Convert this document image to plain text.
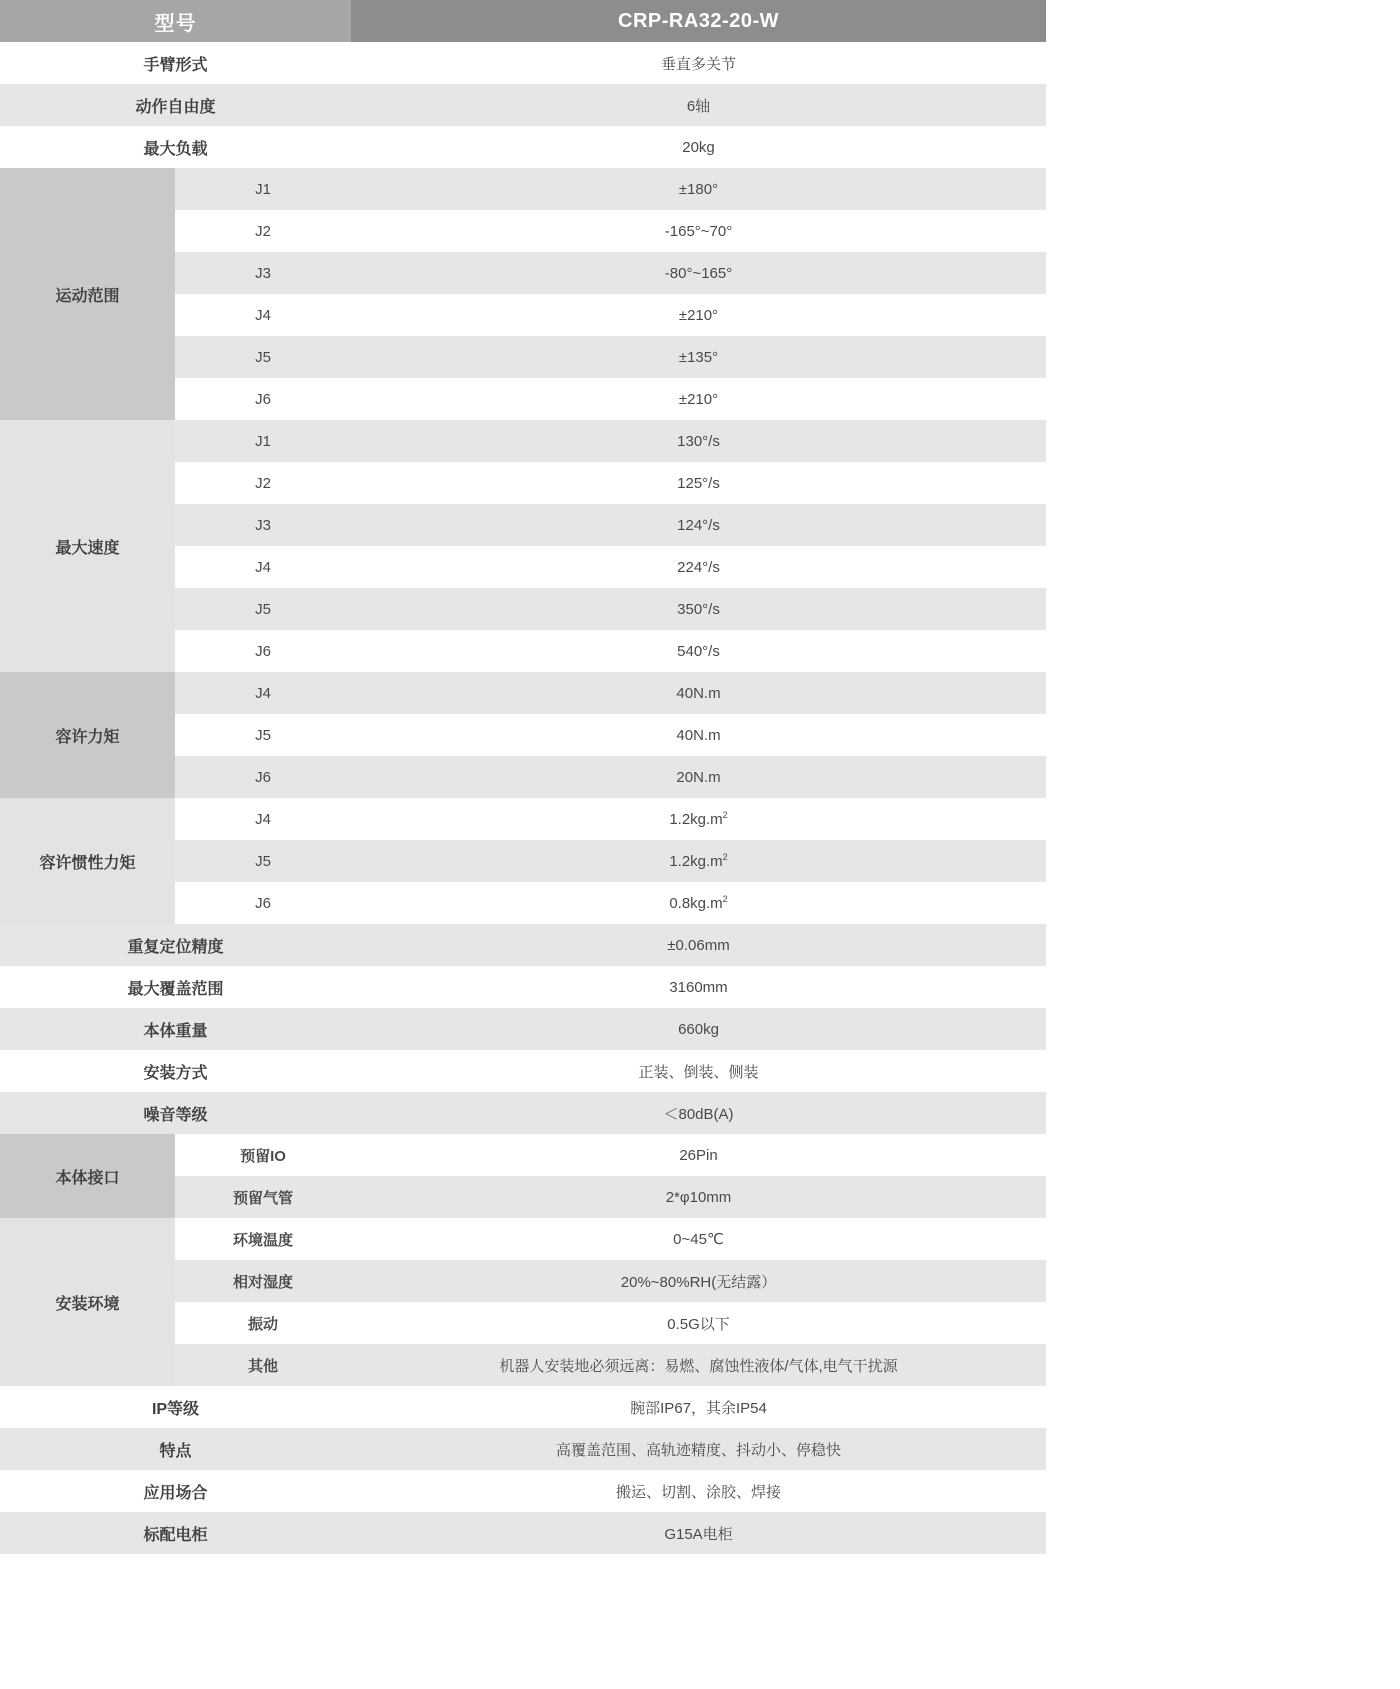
型号		CRP-RA32-20-W
手臂形式		垂直多关节
动作自由度		6轴
最大负载		20kg
运动范围	J1	±180°
	J2	-165°~70°
	J3	-80°~165°
	J4	±210°
	J5	±135°
	J6	±210°
最大速度	J1	130°/s
	J2	125°/s
	J3	124°/s
	J4	224°/s
	J5	350°/s
	J6	540°/s
容许力矩	J4	40N.m
	J5	40N.m
	J6	20N.m
容许惯性力矩	J4	$1.2kg.m^2$
	J5	$1.2kg.m^2$
	J6	$0.8kg.m^2$
重复定位精度		±0.06mm
最大覆盖范围		3160mm
本体重量		660kg
安装方式		正装、倒装、侧装
噪音等级		＜80dB(A)
本体接口	预留IO	26Pin
	预留气管	2*φ10mm
安装环境	环境温度	0~45℃
	相对湿度	20%~80%RH(无结露）
	振动	0.5G以下
	其他	机器人安装地必须远离：易燃、腐蚀性液体/气体,电气干扰源
IP等级		腕部IP67，其余IP54
特点		高覆盖范围、高轨迹精度、抖动小、停稳快
应用场合		搬运、切割、涂胶、焊接
标配电柜		G15A电柜
